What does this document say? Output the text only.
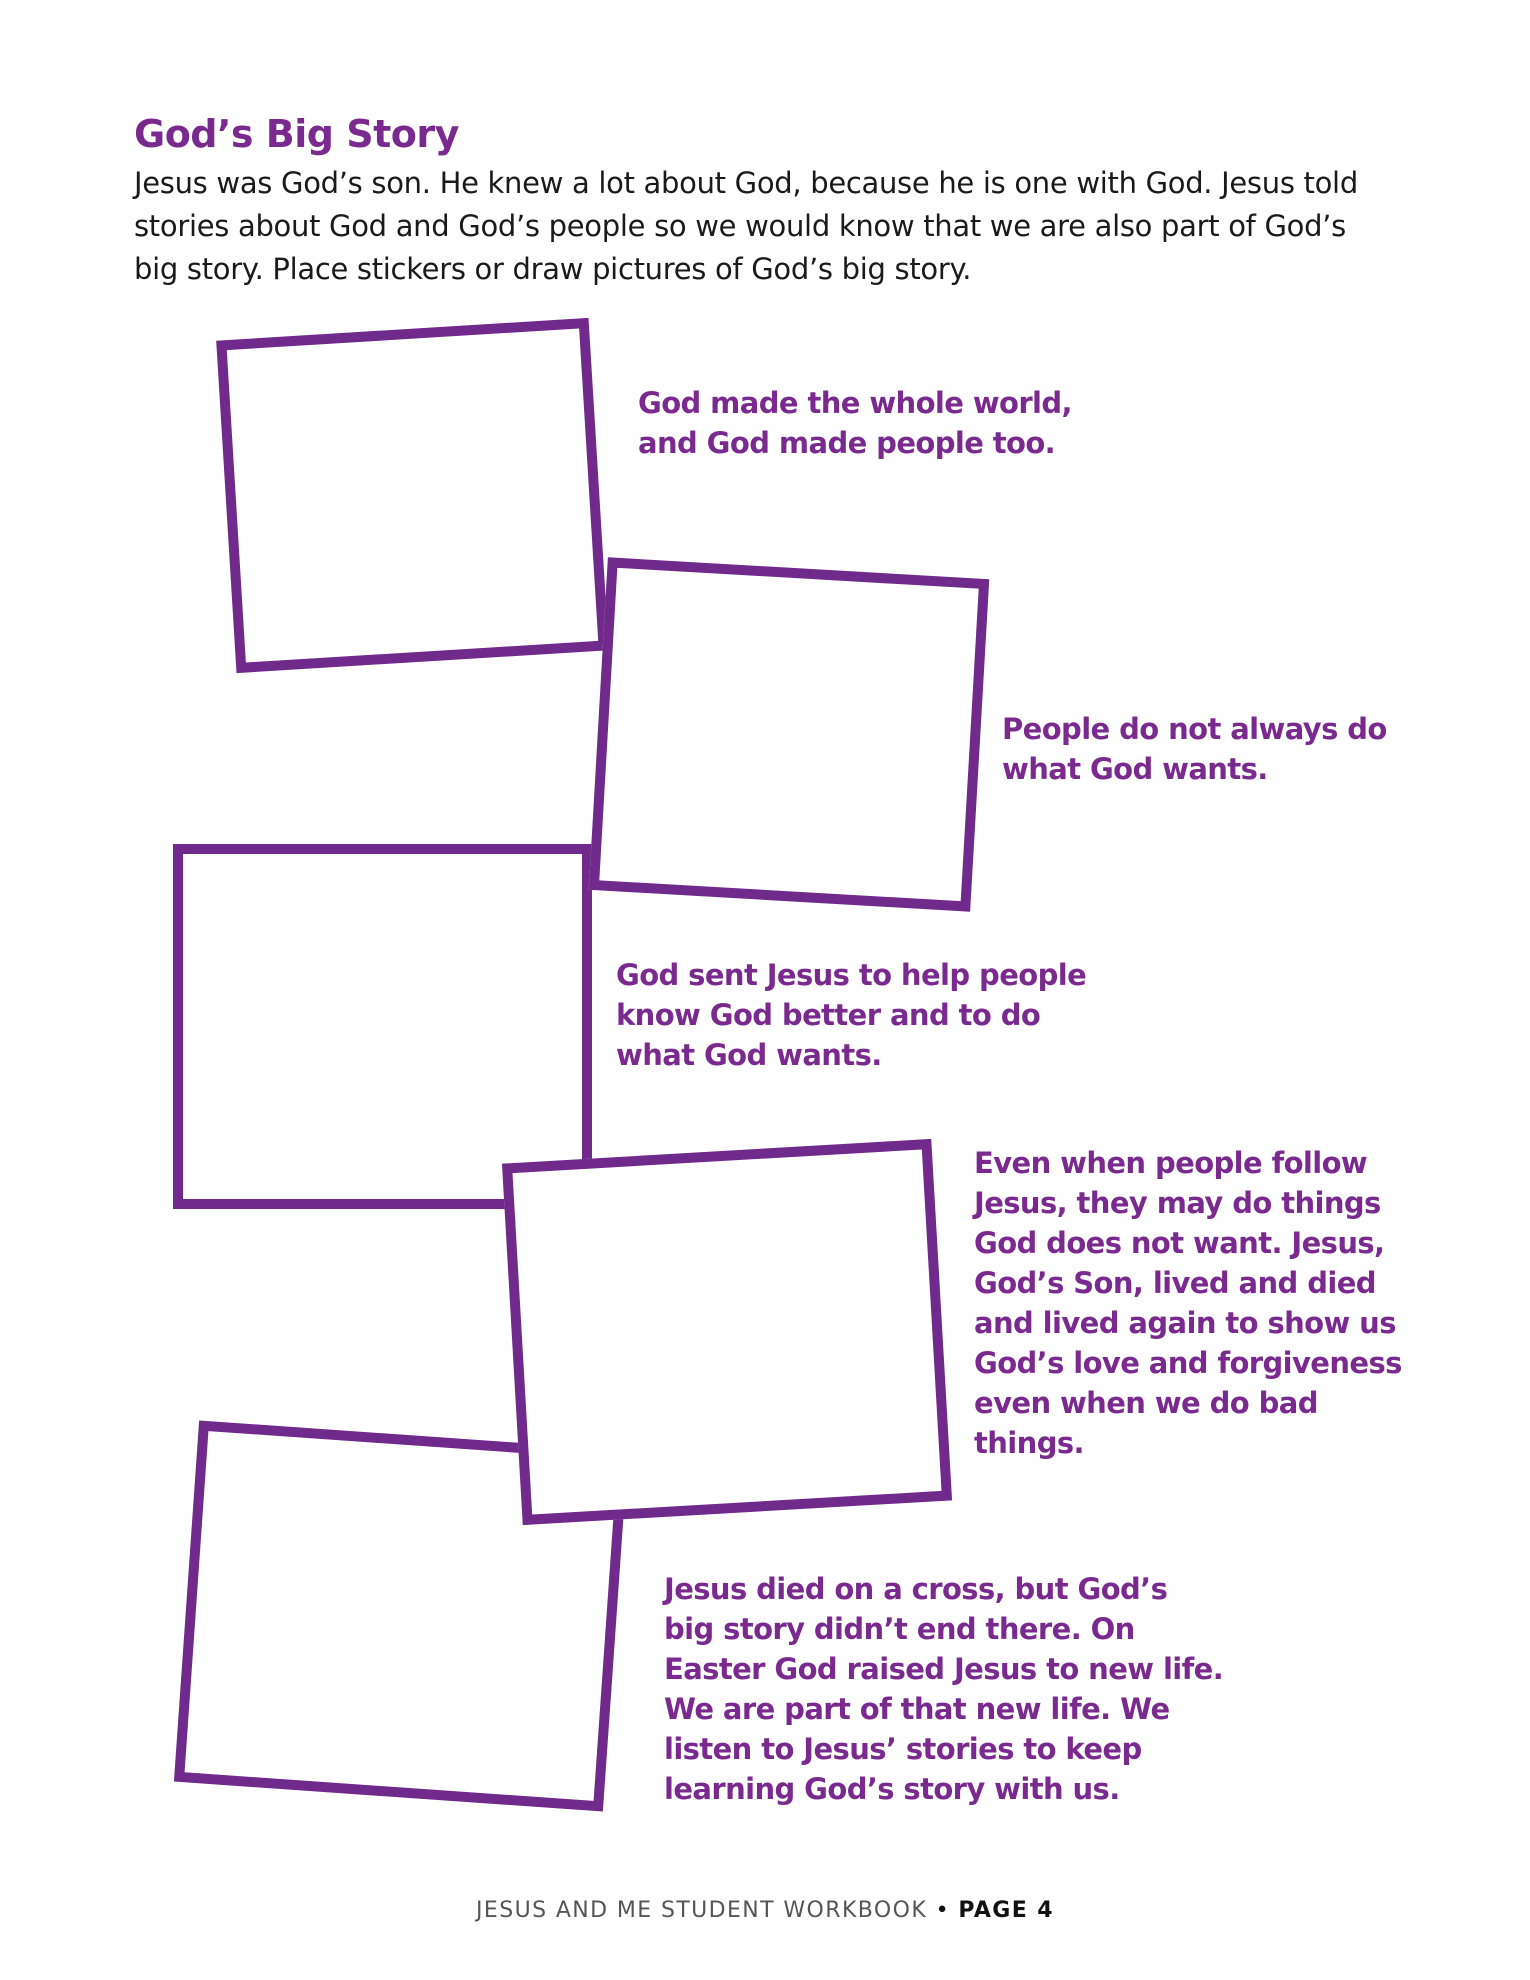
God’s Big Story

Jesus was God’s son. He knew a lot about God, because he is one with God. Jesus told stories about God and God’s people so we would know that we are also part of God’s big story. Place stickers or draw pictures of God’s big story.

God made the whole world, and God made people too.

People do not always do what God wants.

God sent Jesus to help people know God better and to do what God wants.

Even when people follow Jesus, they may do things God does not want. Jesus, God’s Son, lived and died and lived again to show us God’s love and forgiveness even when we do bad things.

Jesus died on a cross, but God’s big story didn’t end there. On Easter God raised Jesus to new life. We are part of that new life. We listen to Jesus’ stories to keep learning God’s story with us.

JESUS AND ME STUDENT WORKBOOK • PAGE 4
